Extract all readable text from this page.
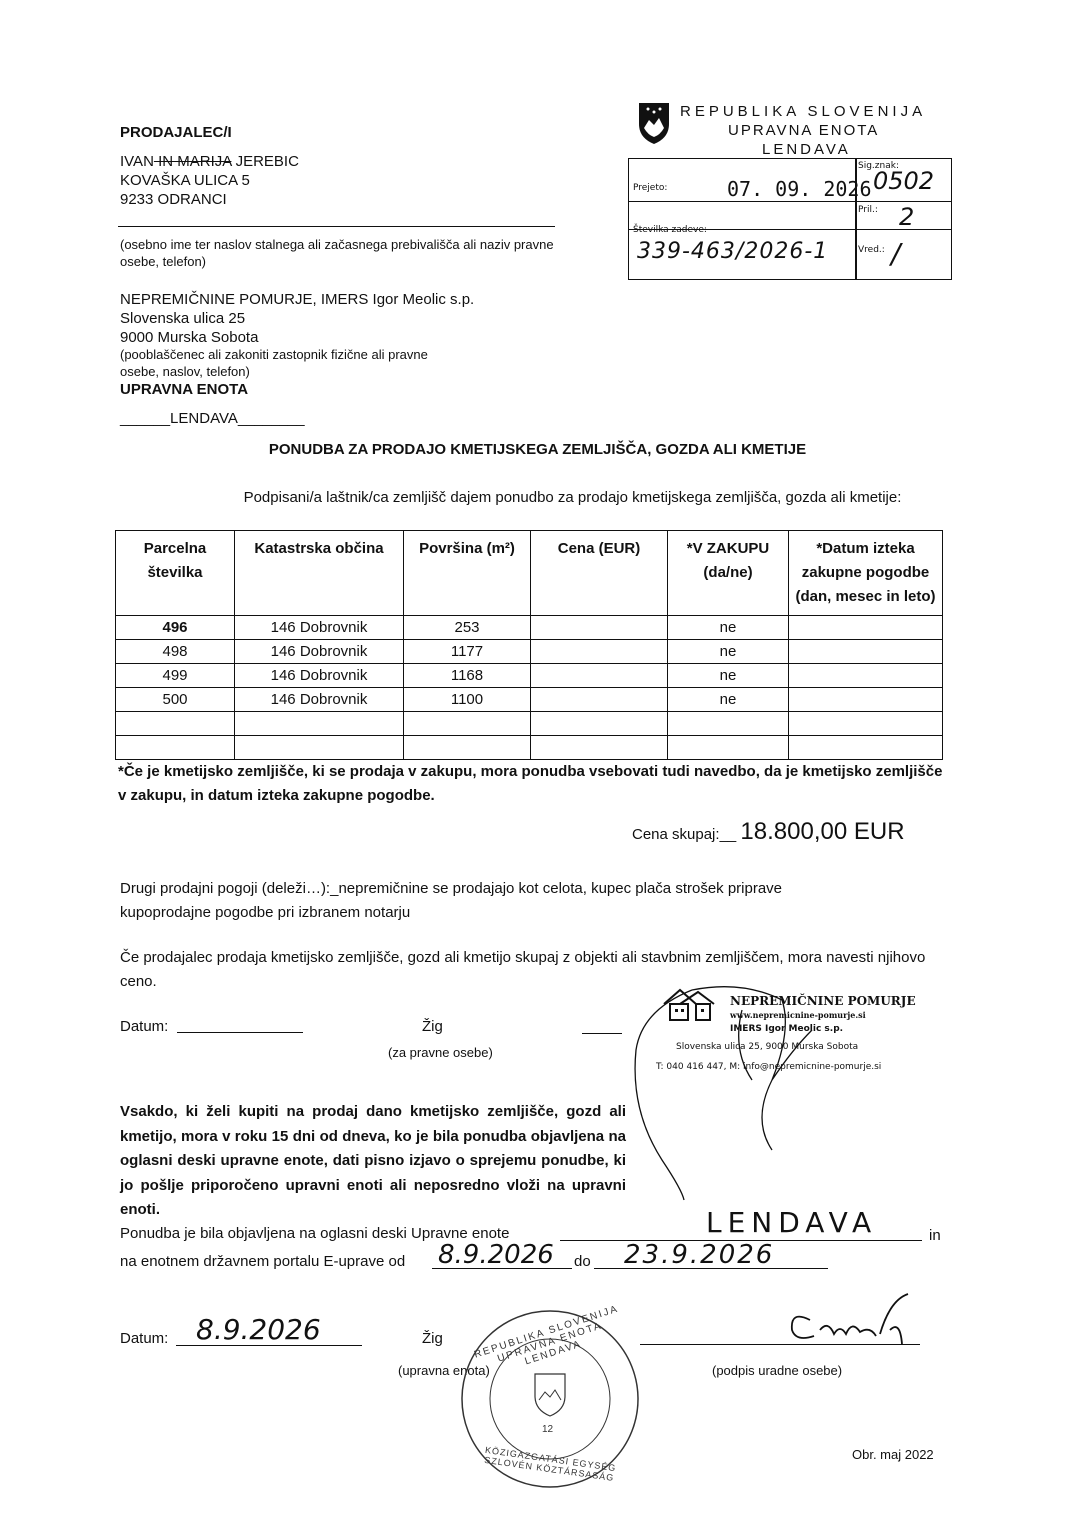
PRODAJALEC/I
IVAN IN MARIJA JEREBIC
KOVAŠKA ULICA 5
9233 ODRANCI
(osebno ime ter naslov stalnega ali začasnega prebivališča ali naziv pravne osebe, telefon)
NEPREMIČNINE POMURJE, IMERS Igor Meolic s.p.
Slovenska ulica 25
9000 Murska Sobota
(pooblaščenec ali zakoniti zastopnik fizične ali pravne osebe, naslov, telefon)
UPRAVNA ENOTA
______LENDAVA________
REPUBLIKA SLOVENIJA
UPRAVNA ENOTA
LENDAVA
Prejeto:	07. 09. 2026
Sig.znak:
0502
Pril.: 2
Številka zadeve:
339-463/2026-1	Vred.: /
PONUDBA ZA PRODAJO KMETIJSKEGA ZEMLJIŠČA, GOZDA ALI KMETIJE
Podpisani/a laštnik/ca zemljišč dajem ponudbo za prodajo kmetijskega zemljišča, gozda ali kmetije:
Parcelna številka	Katastrska občina	Površina (m²)	Cena (EUR)	*V ZAKUPU (da/ne)	*Datum izteka zakupne pogodbe (dan, mesec in leto)
496	146 Dobrovnik	253		ne	
498	146 Dobrovnik	1177		ne	
499	146 Dobrovnik	1168		ne	
500	146 Dobrovnik	1100		ne	

*Če je kmetijsko zemljišče, ki se prodaja v zakupu, mora ponudba vsebovati tudi navedbo, da je kmetijsko zemljišče v zakupu, in datum izteka zakupne pogodbe.
Cena skupaj:__ 18.800,00 EUR
Drugi prodajni pogoji (deleži…):_nepremičnine se prodajajo kot celota, kupec plača strošek priprave kupoprodajne pogodbe pri izbranem notarju
Če prodajalec prodaja kmetijsko zemljišče, gozd ali kmetijo skupaj z objekti ali stavbnim zemljiščem, mora navesti njihovo ceno.
Datum:	Žig
(za pravne osebe)
NEPREMIČNINE POMURJE
www.nepremicnine-pomurje.si
IMERS Igor Meolic s.p.
Slovenska ulica 25, 9000 Murska Sobota
T: 040 416 447, M: info@nepremicnine-pomurje.si
Vsakdo, ki želi kupiti na prodaj dano kmetijsko zemljišče, gozd ali kmetijo, mora v roku 15 dni od dneva, ko je bila ponudba objavljena na oglasni deski upravne enote, dati pisno izjavo o sprejemu ponudbe, ki jo pošlje priporočeno upravni enoti ali neposredno vloži na upravni enoti.
Ponudba je bila objavljena na oglasni deski Upravne enote	LENDAVA	in
na enotnem državnem portalu E-uprave od 8.9.2026 do 23.9.2026
Datum: 8.9.2026	Žig
(upravna enota)	(podpis uradne osebe)
REPUBLIKA SLOVENIJA UPRAVNA ENOTA LENDAVA
KÖZIGAZGATÁSI EGYSÉG SZLOVÉN KÖZTÁRSASÁG
12
Obr. maj 2022
